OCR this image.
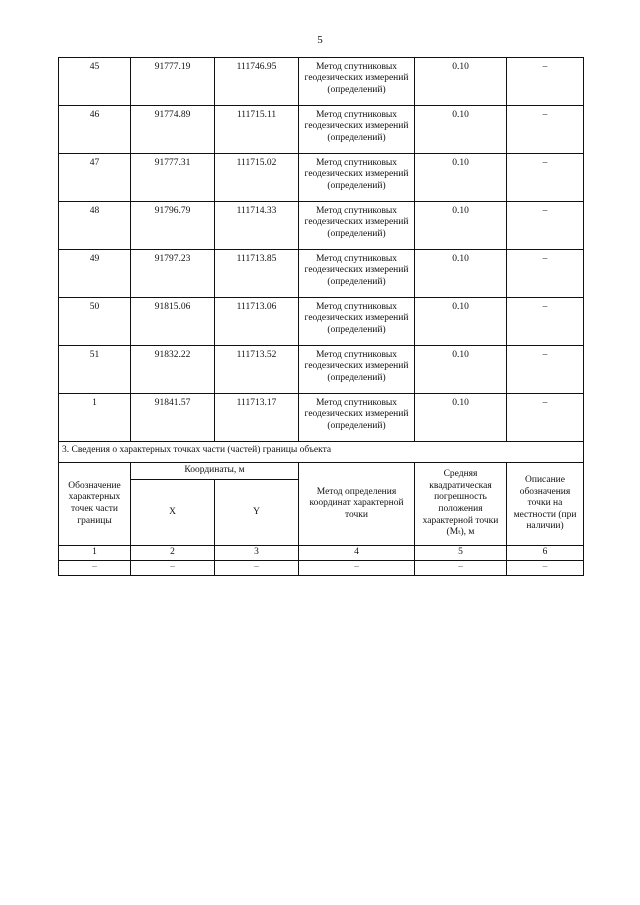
5
45	91777.19	111746.95	Метод спутниковых геодезических измерений (определений)	0.10	–
46	91774.89	111715.11	Метод спутниковых геодезических измерений (определений)	0.10	–
47	91777.31	111715.02	Метод спутниковых геодезических измерений (определений)	0.10	–
48	91796.79	111714.33	Метод спутниковых геодезических измерений (определений)	0.10	–
49	91797.23	111713.85	Метод спутниковых геодезических измерений (определений)	0.10	–
50	91815.06	111713.06	Метод спутниковых геодезических измерений (определений)	0.10	–
51	91832.22	111713.52	Метод спутниковых геодезических измерений (определений)	0.10	–
1	91841.57	111713.17	Метод спутниковых геодезических измерений (определений)	0.10	–
3. Сведения о характерных точках части (частей) границы объекта					
Обозначение характерных точек части границы	Координаты, м		Метод определения координат характерной точки	Средняя квадратическая погрешность положения характерной точки (Mₜ), м	Описание обозначения точки на местности (при наличии)
	X	Y			
1	2	3	4	5	6
–	–	–	–	–	–
